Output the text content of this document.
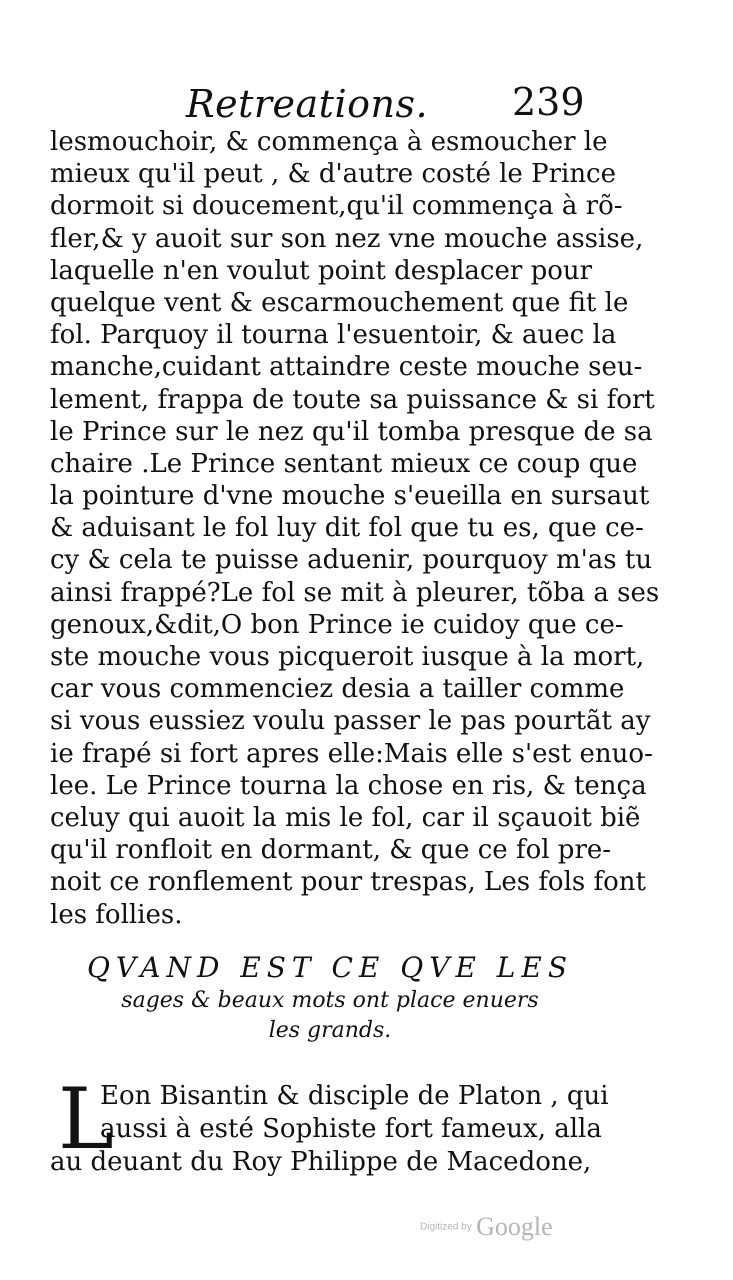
Retreations. 239
lesmouchoir, & commença à esmoucher le
mieux qu'il peut , & d'autre costé le Prince
dormoit si doucement,qu'il commença à rõ-
fler,& y auoit sur son nez vne mouche assise,
laquelle n'en voulut point desplacer pour
quelque vent & escarmouchement que fit le
fol. Parquoy il tourna l'esuentoir, & auec la
manche,cuidant attaindre ceste mouche seu-
lement, frappa de toute sa puissance & si fort
le Prince sur le nez qu'il tomba presque de sa
chaire .Le Prince sentant mieux ce coup que
la pointure d'vne mouche s'eueilla en sursaut
& aduisant le fol luy dit fol que tu es, que ce-
cy & cela te puisse aduenir, pourquoy m'as tu
ainsi frappé?Le fol se mit à pleurer, tõba a ses
genoux,&dit,O bon Prince ie cuidoy que ce-
ste mouche vous picqueroit iusque à la mort,
car vous commenciez desia a tailler comme
si vous eussiez voulu passer le pas pourtãt ay
ie frapé si fort apres elle:Mais elle s'est enuo-
lee. Le Prince tourna la chose en ris, & tença
celuy qui auoit la mis le fol, car il sçauoit biẽ
qu'il ronfloit en dormant, & que ce fol pre-
noit ce ronflement pour trespas, Les fols font
les follies.
QVAND EST CE QVE LES
sages & beaux mots ont place enuers
les grands.
L
Eon Bisantin & disciple de Platon , qui
aussi à esté Sophiste fort fameux, alla
au deuant du Roy Philippe de Macedone,
Digitized by Google
